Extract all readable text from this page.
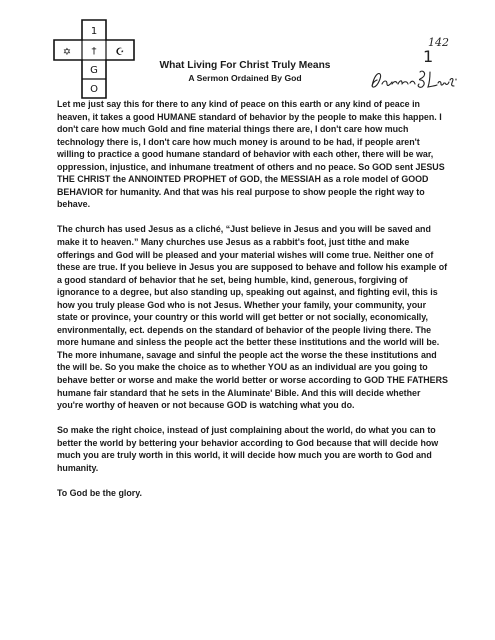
1
†
✡	☪
G
O

What Living For Christ Truly Means

A Sermon Ordained By God

142
1

Let me just say this for there to any kind of peace on this earth or any kind of peace in heaven, it takes a good HUMANE standard of behavior by the people to make this happen. I don't care how much Gold and fine material things there are, I don't care how much technology there is, I don't care how much money is around to be had, if people aren't willing to practice a good humane standard of behavior with each other, there will be war, oppression, injustice, and inhumane treatment of others and no peace. So GOD sent JESUS THE CHRIST the ANNOINTED PROPHET of GOD, the MESSIAH as a role model of GOOD BEHAVIOR for humanity. And that was his real purpose to show people the right way to behave.

The church has used Jesus as a cliché, “Just believe in Jesus and you will be saved and make it to heaven.” Many churches use Jesus as a rabbit's foot, just tithe and make offerings and God will be pleased and your material wishes will come true. Neither one of these are true. If you believe in Jesus you are supposed to behave and follow his example of a good standard of behavior that he set, being humble, kind, generous, forgiving of ignorance to a degree, but also standing up, speaking out against, and fighting evil, this is how you truly please God who is not Jesus. Whether your family, your community, your state or province, your country or this world will get better or not socially, economically, environmentally, ect. depends on the standard of behavior of the people living there. The more humane and sinless the people act the better these institutions and the world will be. The more inhumane, savage and sinful the people act the worse the these institutions and the will be. So you make the choice as to whether YOU as an individual are you going to behave better or worse and make the world better or worse according to GOD THE FATHERS humane fair standard that he sets in the Aluminate' Bible. And this will decide whether you're worthy of heaven or not because GOD is watching what you do.

So make the right choice, instead of just complaining about the world, do what you can to better the world by bettering your behavior according to God because that will decide how much you are truly worth in this world, it will decide how much you are worth to God and humanity.

To God be the glory.
